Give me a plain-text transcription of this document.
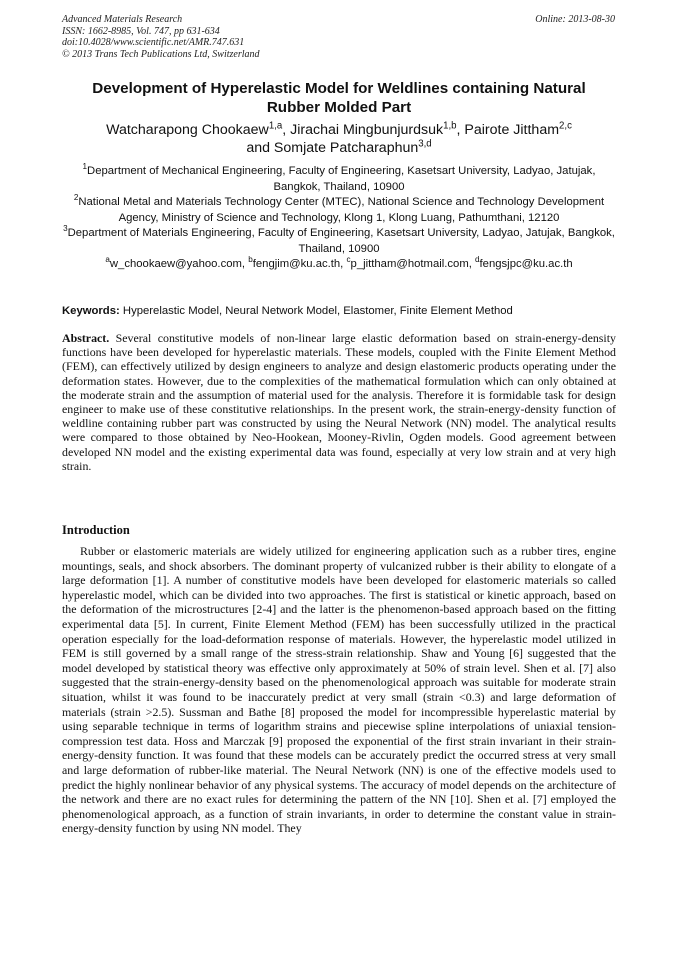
Advanced Materials Research
ISSN: 1662-8985, Vol. 747, pp 631-634
doi:10.4028/www.scientific.net/AMR.747.631
© 2013 Trans Tech Publications Ltd, Switzerland
Online: 2013-08-30
Development of Hyperelastic Model for Weldlines containing Natural
Rubber Molded Part
Watcharapong Chookaew$^{1,a}$, Jirachai Mingbunjurdsuk$^{1,b}$, Pairote Jittham$^{2,c}$
and Somjate Patcharaphun$^{3,d}$
$^1$Department of Mechanical Engineering, Faculty of Engineering, Kasetsart University, Ladyao, Jatujak, Bangkok, Thailand, 10900
$^2$National Metal and Materials Technology Center (MTEC), National Science and Technology Development Agency, Ministry of Science and Technology, Klong 1, Klong Luang, Pathumthani, 12120
$^3$Department of Materials Engineering, Faculty of Engineering, Kasetsart University, Ladyao, Jatujak, Bangkok, Thailand, 10900
$^a$w_chookaew@yahoo.com, $^b$fengjim@ku.ac.th, $^c$p_jittham@hotmail.com, $^d$fengsjpc@ku.ac.th
Keywords: Hyperelastic Model, Neural Network Model, Elastomer, Finite Element Method

Abstract. Several constitutive models of non-linear large elastic deformation based on strain-energy-density functions have been developed for hyperelastic materials. These models, coupled with the Finite Element Method (FEM), can effectively utilized by design engineers to analyze and design elastomeric products operating under the deformation states. However, due to the complexities of the mathematical formulation which can only obtained at the moderate strain and the assumption of material used for the analysis. Therefore it is formidable task for design engineer to make use of these constitutive relationships. In the present work, the strain-energy-density function of weldline containing rubber part was constructed by using the Neural Network (NN) model. The analytical results were compared to those obtained by Neo-Hookean, Mooney-Rivlin, Ogden models. Good agreement between developed NN model and the existing experimental data was found, especially at very low strain and at very high strain.

Introduction

Rubber or elastomeric materials are widely utilized for engineering application such as a rubber tires, engine mountings, seals, and shock absorbers. The dominant property of vulcanized rubber is their ability to elongate of a large deformation [1]. A number of constitutive models have been developed for elastomeric materials so called hyperelastic model, which can be divided into two approaches. The first is statistical or kinetic approach, based on the deformation of the microstructures [2-4] and the latter is the phenomenon-based approach based on the fitting experimental data [5]. In current, Finite Element Method (FEM) has been successfully utilized in the practical operation especially for the load-deformation response of materials. However, the hyperelastic model utilized in FEM is still governed by a small range of the stress-strain relationship. Shaw and Young [6] suggested that the model developed by statistical theory was effective only approximately at 50% of strain level. Shen et al. [7] also suggested that the strain-energy-density based on the phenomenological approach was suitable for moderate strain situation, whilst it was found to be inaccurately predict at very small (strain <0.3) and large deformation of materials (strain >2.5). Sussman and Bathe [8] proposed the model for incompressible hyperelastic material by using separable technique in terms of logarithm strains and piecewise spline interpolations of uniaxial tension-compression test data. Hoss and Marczak [9] proposed the exponential of the first strain invariant in their strain-energy-density function. It was found that these models can be accurately predict the occurred stress at very small and large deformation of rubber-like material. The Neural Network (NN) is one of the effective models used to predict the highly nonlinear behavior of any physical systems. The accuracy of model depends on the architecture of the network and there are no exact rules for determining the pattern of the NN [10]. Shen et al. [7] employed the phenomenological approach, as a function of strain invariants, in order to determine the constant value in strain-energy-density function by using NN model. They
